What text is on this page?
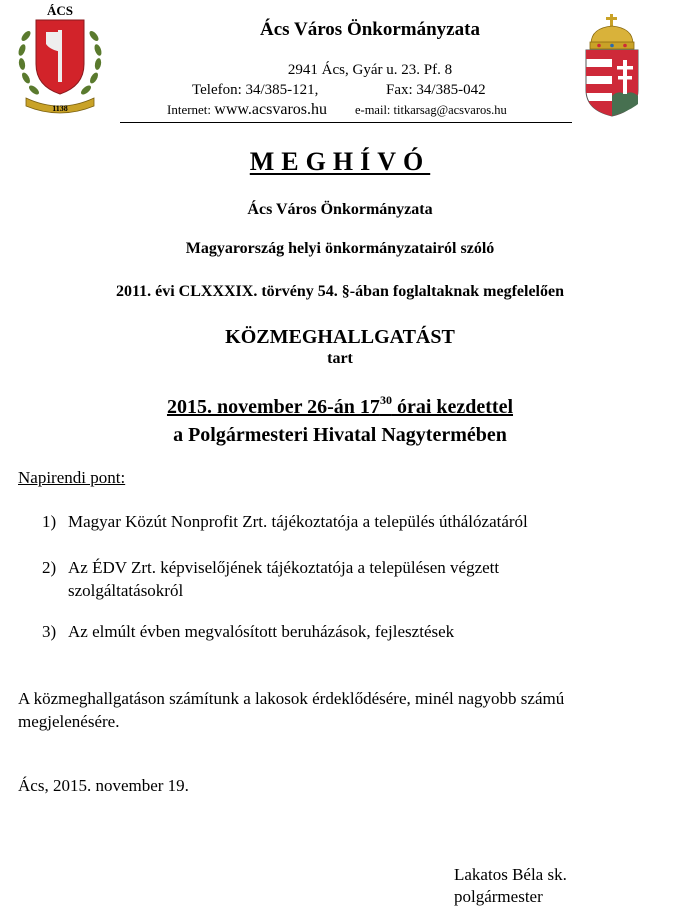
ÁCS
1138
Ács Város Önkormányzata
2941 Ács, Gyár u. 23. Pf. 8
Telefon: 34/385-121,	Fax: 34/385-042
Internet: www.acsvaros.hu e-mail: titkarsag@acsvaros.hu
MEGHÍVÓ
Ács Város Önkormányzata
Magyarország helyi önkormányzatairól szóló
2011. évi CLXXXIX. törvény 54. §-ában foglaltaknak megfelelően
KÖZMEGHALLGATÁST
tart
2015. november 26-án $17^{30}$ órai kezdettel
a Polgármesteri Hivatal Nagytermében
Napirendi pont:
1) Magyar Közút Nonprofit Zrt. tájékoztatója a település úthálózatáról
2) Az ÉDV Zrt. képviselőjének tájékoztatója a településen végzett
szolgáltatásokról
3) Az elmúlt évben megvalósított beruházások, fejlesztések
A közmeghallgatáson számítunk a lakosok érdeklődésére, minél nagyobb számú megjelenésére.
Ács, 2015. november 19.
Lakatos Béla sk.
polgármester
